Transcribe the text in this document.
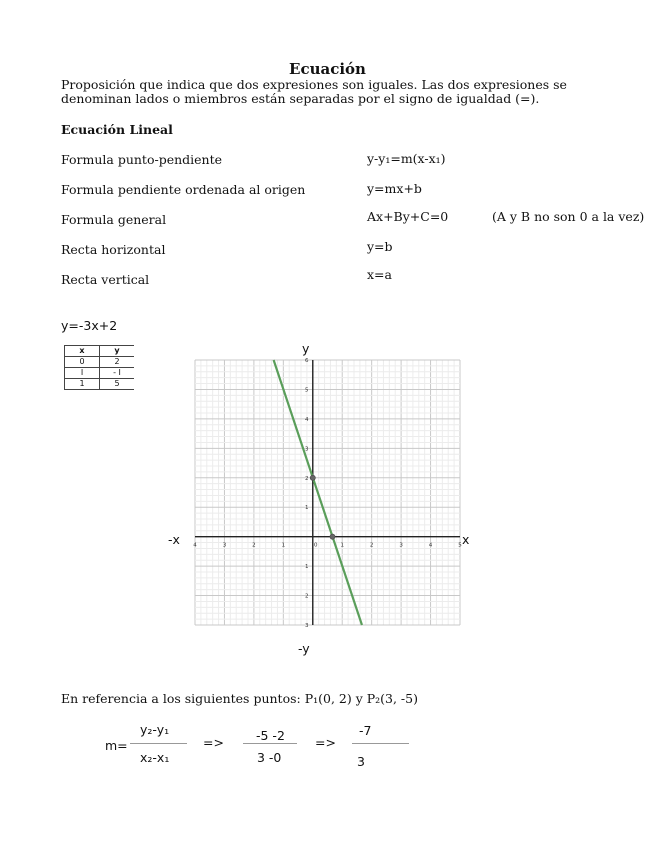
Ecuación
Proposición que indica que dos expresiones son iguales. Las dos expresiones se denominan lados o miembros están separadas por el signo de igualdad (=).
Ecuación Lineal
Formula punto-pendiente	y-y₁=m(x-x₁)
Formula pendiente ordenada al origen	y=mx+b
Formula general	Ax+By+C=0	(A y B no son 0 a la vez)
Recta horizontal	y=b
Recta vertical	x=a
y=-3x+2
x	y
0	2
I	- I
1	5
y
-y
-x	x
4	3	2	1	0	1	2	3	4	5
6
5
4
3
2
1
1
2
3
En referencia a los siguientes puntos: P₁(0, 2) y P₂(3, -5)
m=
y₂-y₁
x₂-x₁
=>	-5 -2
3 -0
=>
-7
3
